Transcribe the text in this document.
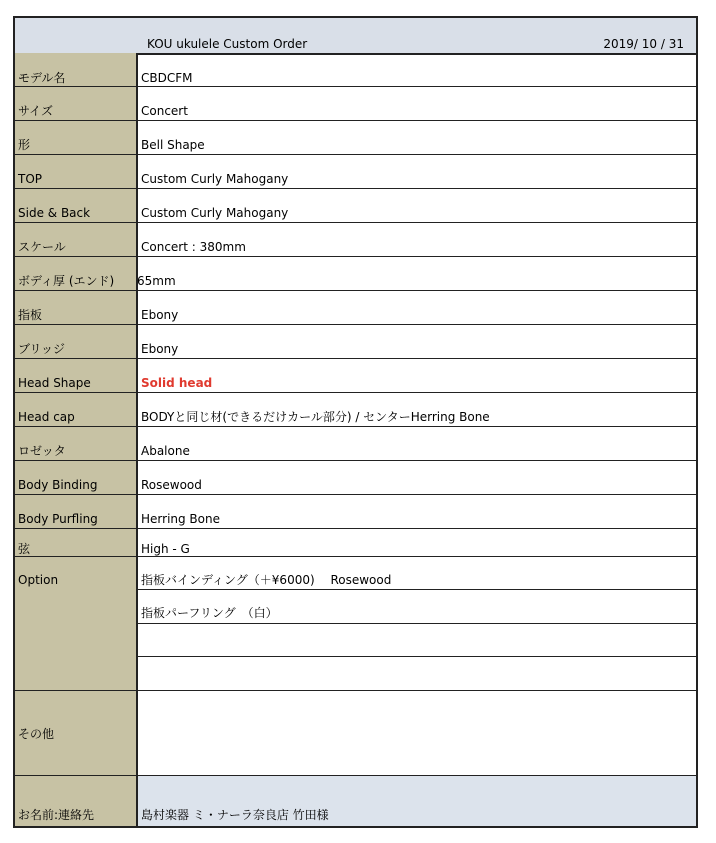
KOU ukulele Custom Order	2019/ 10 / 31
モデル名	CBDCFM
サイズ	Concert
形	Bell Shape
TOP	Custom Curly Mahogany
Side & Back	Custom Curly Mahogany
スケール	Concert : 380mm
ボディ厚 (エンド) 65mm
指板	Ebony
ブリッジ	Ebony
Head Shape	Solid head
Head cap	BODYと同じ材(できるだけカール部分) / センターHerring Bone
ロゼッタ	Abalone
Body Binding	Rosewood
Body Purfling	Herring Bone
弦	High - G
Option	指板バインディング（＋¥6000)　 Rosewood
指板パーフリング　（白）
その他
お名前:連絡先	島村楽器 ミ・ナーラ奈良店 竹田様
